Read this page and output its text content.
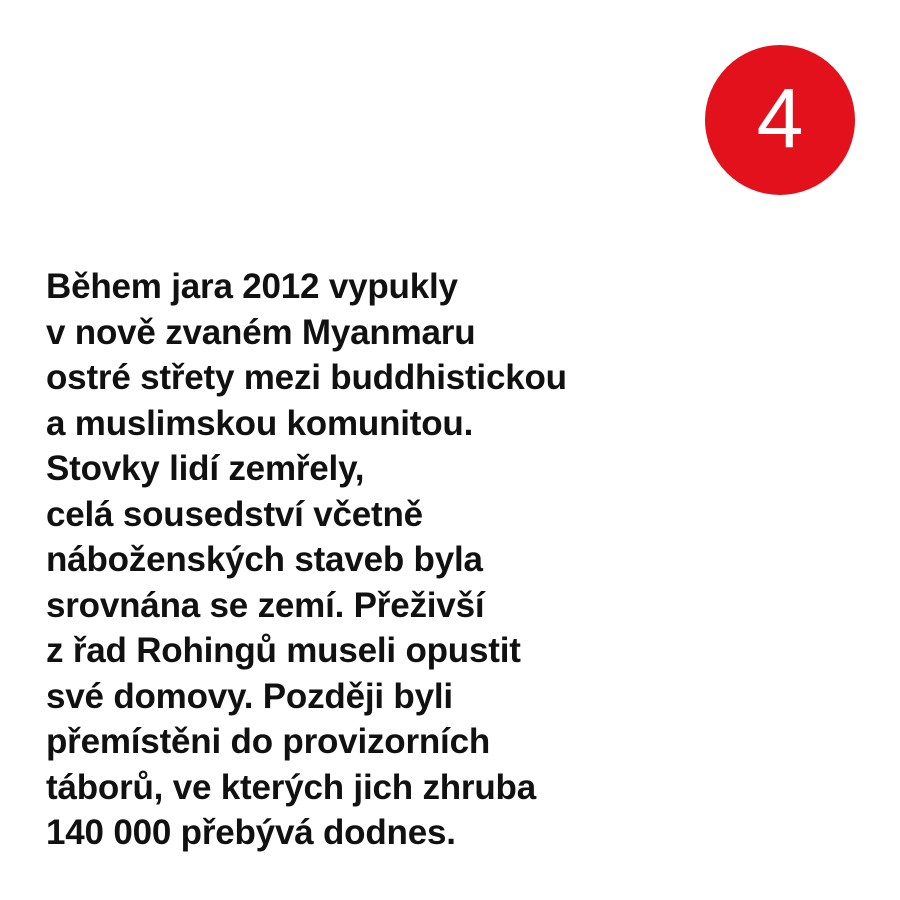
4
Během jara 2012 vypukly
v nově zvaném Myanmaru
ostré střety mezi buddhistickou
a muslimskou komunitou.
Stovky lidí zemřely,
celá sousedství včetně
náboženských staveb byla
srovnána se zemí. Přeživší
z řad Rohingů museli opustit
své domovy. Později byli
přemístěni do provizorních
táborů, ve kterých jich zhruba
140 000 přebývá dodnes.
